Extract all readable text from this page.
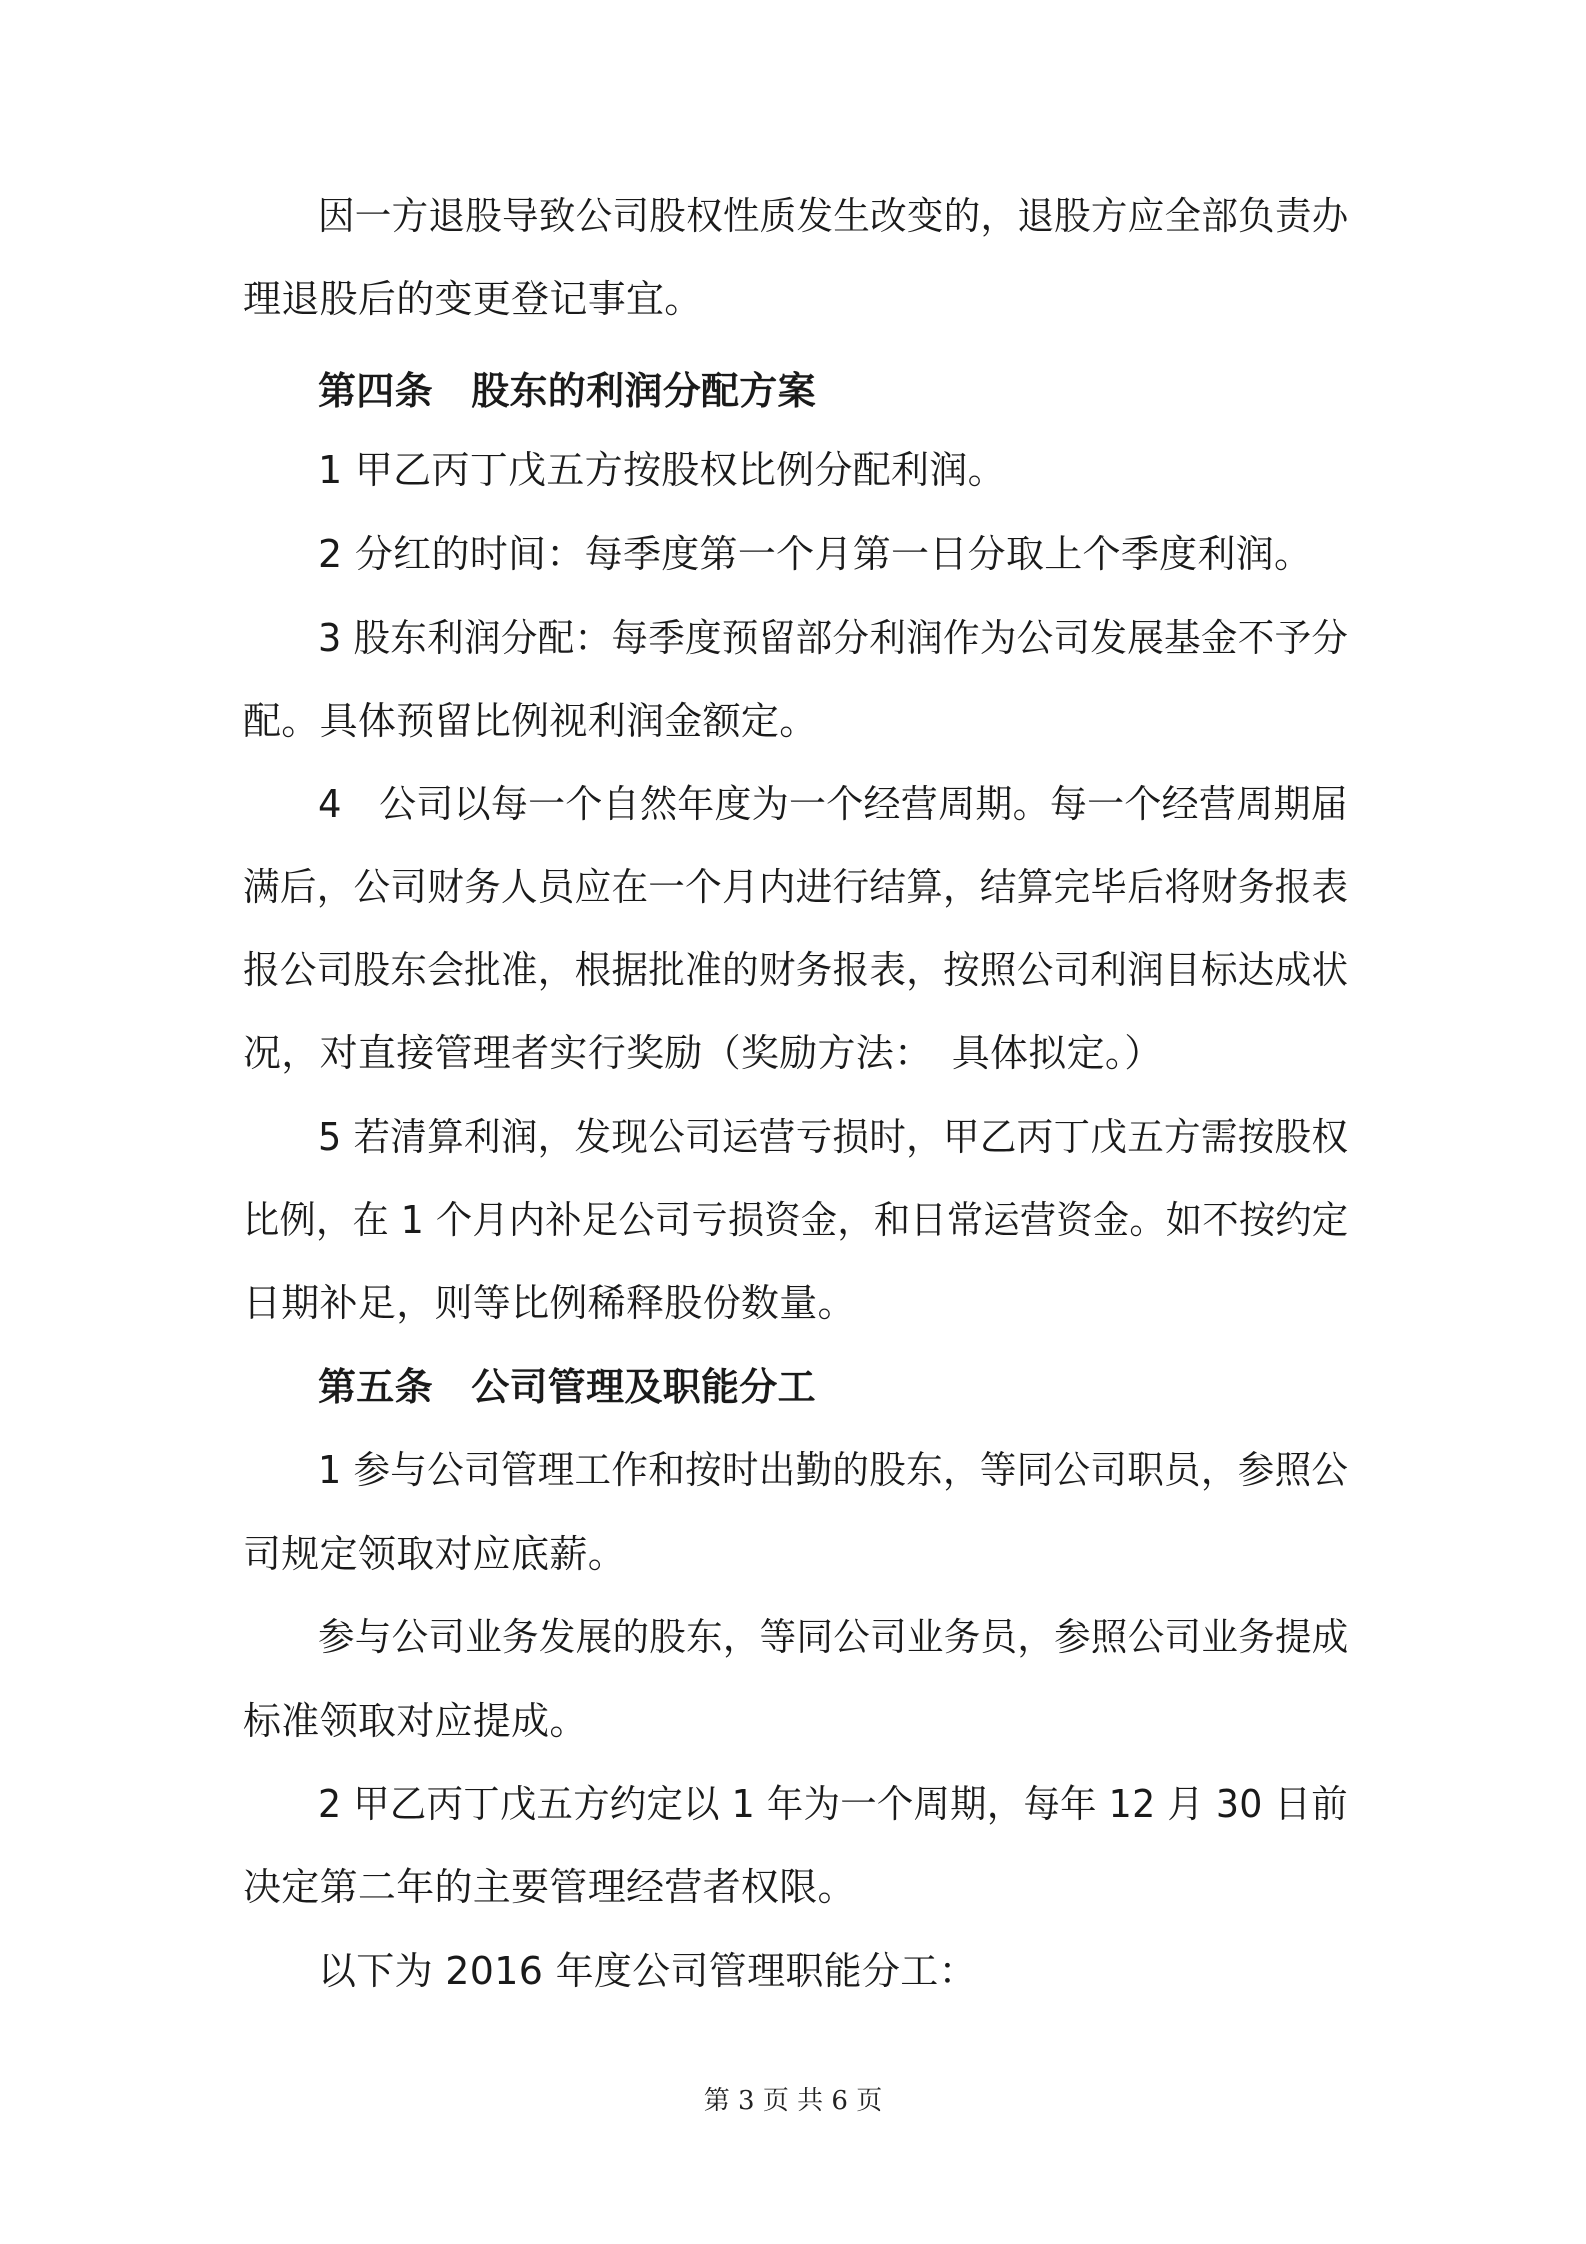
因一方退股导致公司股权性质发生改变的，退股方应全部负责办

理退股后的变更登记事宜。

第四条　股东的利润分配方案

1 甲乙丙丁戊五方按股权比例分配利润。

2 分红的时间：每季度第一个月第一日分取上个季度利润。

3 股东利润分配：每季度预留部分利润作为公司发展基金不予分

配。具体预留比例视利润金额定。

4　公司以每一个自然年度为一个经营周期。每一个经营周期届

满后，公司财务人员应在一个月内进行结算，结算完毕后将财务报表

报公司股东会批准，根据批准的财务报表，按照公司利润目标达成状

况，对直接管理者实行奖励（奖励方法：　具体拟定。）

5 若清算利润，发现公司运营亏损时，甲乙丙丁戊五方需按股权

比例，在 1 个月内补足公司亏损资金，和日常运营资金。如不按约定

日期补足，则等比例稀释股份数量。

第五条　公司管理及职能分工

1 参与公司管理工作和按时出勤的股东，等同公司职员，参照公

司规定领取对应底薪。

参与公司业务发展的股东，等同公司业务员，参照公司业务提成

标准领取对应提成。

2 甲乙丙丁戊五方约定以 1 年为一个周期，每年 12 月 30 日前

决定第二年的主要管理经营者权限。

以下为 2016 年度公司管理职能分工：

第 3 页 共 6 页
